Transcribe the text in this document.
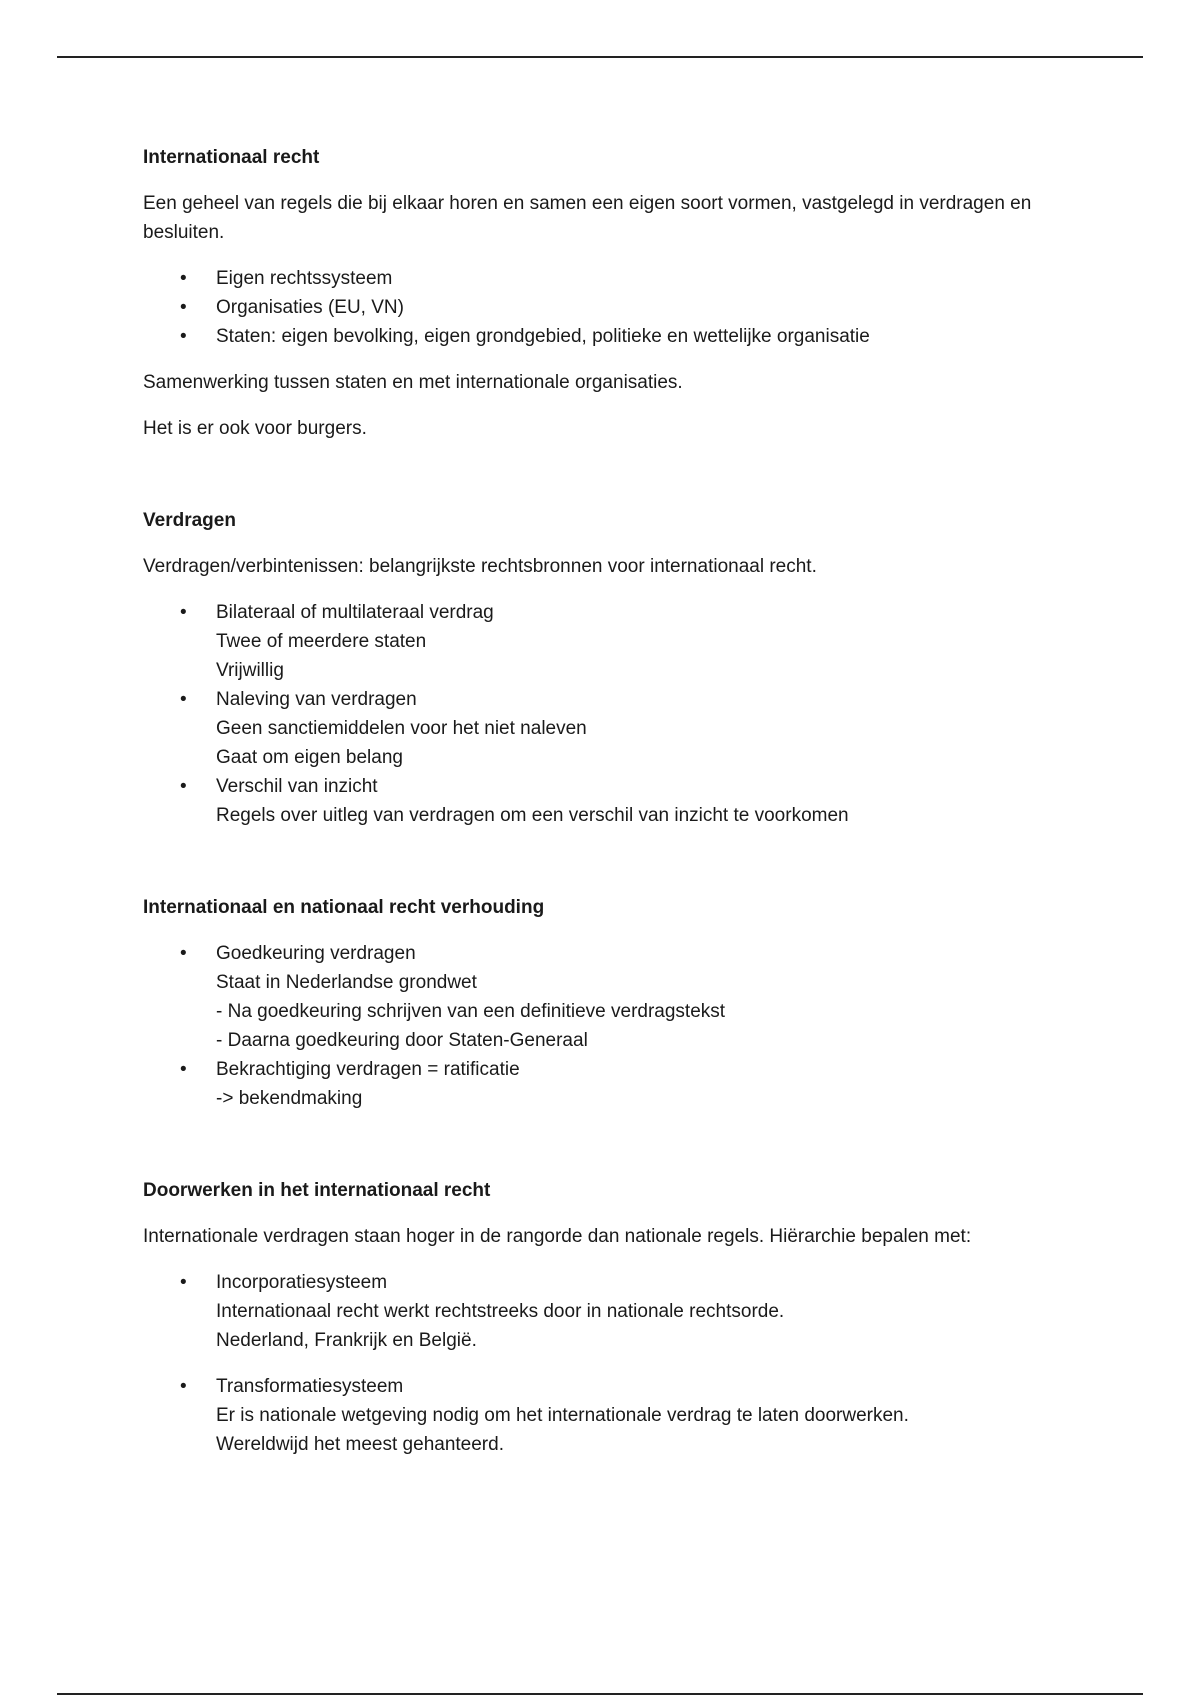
Internationaal recht

Een geheel van regels die bij elkaar horen en samen een eigen soort vormen, vastgelegd in verdragen en besluiten.

• Eigen rechtssysteem
• Organisaties (EU, VN)
• Staten: eigen bevolking, eigen grondgebied, politieke en wettelijke organisatie

Samenwerking tussen staten en met internationale organisaties.

Het is er ook voor burgers.

Verdragen

Verdragen/verbintenissen: belangrijkste rechtsbronnen voor internationaal recht.

• Bilateraal of multilateraal verdrag
Twee of meerdere staten
Vrijwillig
• Naleving van verdragen
Geen sanctiemiddelen voor het niet naleven
Gaat om eigen belang
• Verschil van inzicht
Regels over uitleg van verdragen om een verschil van inzicht te voorkomen
Internationaal en nationaal recht verhouding
• Goedkeuring verdragen
Staat in Nederlandse grondwet
- Na goedkeuring schrijven van een definitieve verdragstekst
- Daarna goedkeuring door Staten-Generaal
• Bekrachtiging verdragen = ratificatie
-> bekendmaking
Doorwerken in het internationaal recht

Internationale verdragen staan hoger in de rangorde dan nationale regels. Hiërarchie bepalen met:

• Incorporatiesysteem
Internationaal recht werkt rechtstreeks door in nationale rechtsorde.
Nederland, Frankrijk en België.
• Transformatiesysteem
Er is nationale wetgeving nodig om het internationale verdrag te laten doorwerken.
Wereldwijd het meest gehanteerd.
